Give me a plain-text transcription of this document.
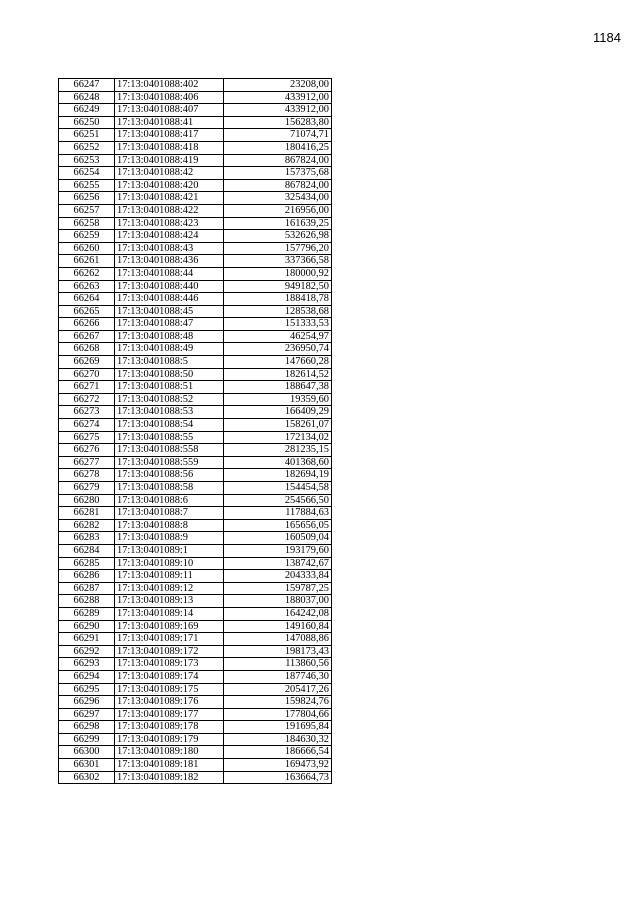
1184
66247	17:13:0401088:402	23208,00
66248	17:13:0401088:406	433912,00
66249	17:13:0401088:407	433912,00
66250	17:13:0401088:41	156283,80
66251	17:13:0401088:417	71074,71
66252	17:13:0401088:418	180416,25
66253	17:13:0401088:419	867824,00
66254	17:13:0401088:42	157375,68
66255	17:13:0401088:420	867824,00
66256	17:13:0401088:421	325434,00
66257	17:13:0401088:422	216956,00
66258	17:13:0401088:423	161639,25
66259	17:13:0401088:424	532626,98
66260	17:13:0401088:43	157796,20
66261	17:13:0401088:436	337366,58
66262	17:13:0401088:44	180000,92
66263	17:13:0401088:440	949182,50
66264	17:13:0401088:446	188418,78
66265	17:13:0401088:45	128538,68
66266	17:13:0401088:47	151333,53
66267	17:13:0401088:48	46254,97
66268	17:13:0401088:49	236950,74
66269	17:13:0401088:5	147660,28
66270	17:13:0401088:50	182614,52
66271	17:13:0401088:51	188647,38
66272	17:13:0401088:52	19359,60
66273	17:13:0401088:53	166409,29
66274	17:13:0401088:54	158261,07
66275	17:13:0401088:55	172134,02
66276	17:13:0401088:558	281235,15
66277	17:13:0401088:559	401368,60
66278	17:13:0401088:56	182694,19
66279	17:13:0401088:58	154454,58
66280	17:13:0401088:6	254566,50
66281	17:13:0401088:7	117884,63
66282	17:13:0401088:8	165656,05
66283	17:13:0401088:9	160509,04
66284	17:13:0401089:1	193179,60
66285	17:13:0401089:10	138742,67
66286	17:13:0401089:11	204333,84
66287	17:13:0401089:12	159787,25
66288	17:13:0401089:13	188037,00
66289	17:13:0401089:14	164242,08
66290	17:13:0401089:169	149160,84
66291	17:13:0401089:171	147088,86
66292	17:13:0401089:172	198173,43
66293	17:13:0401089:173	113860,56
66294	17:13:0401089:174	187746,30
66295	17:13:0401089:175	205417,26
66296	17:13:0401089:176	159824,76
66297	17:13:0401089:177	177804,66
66298	17:13:0401089:178	191695,84
66299	17:13:0401089:179	184630,32
66300	17:13:0401089:180	186666,54
66301	17:13:0401089:181	169473,92
66302	17:13:0401089:182	163664,73
